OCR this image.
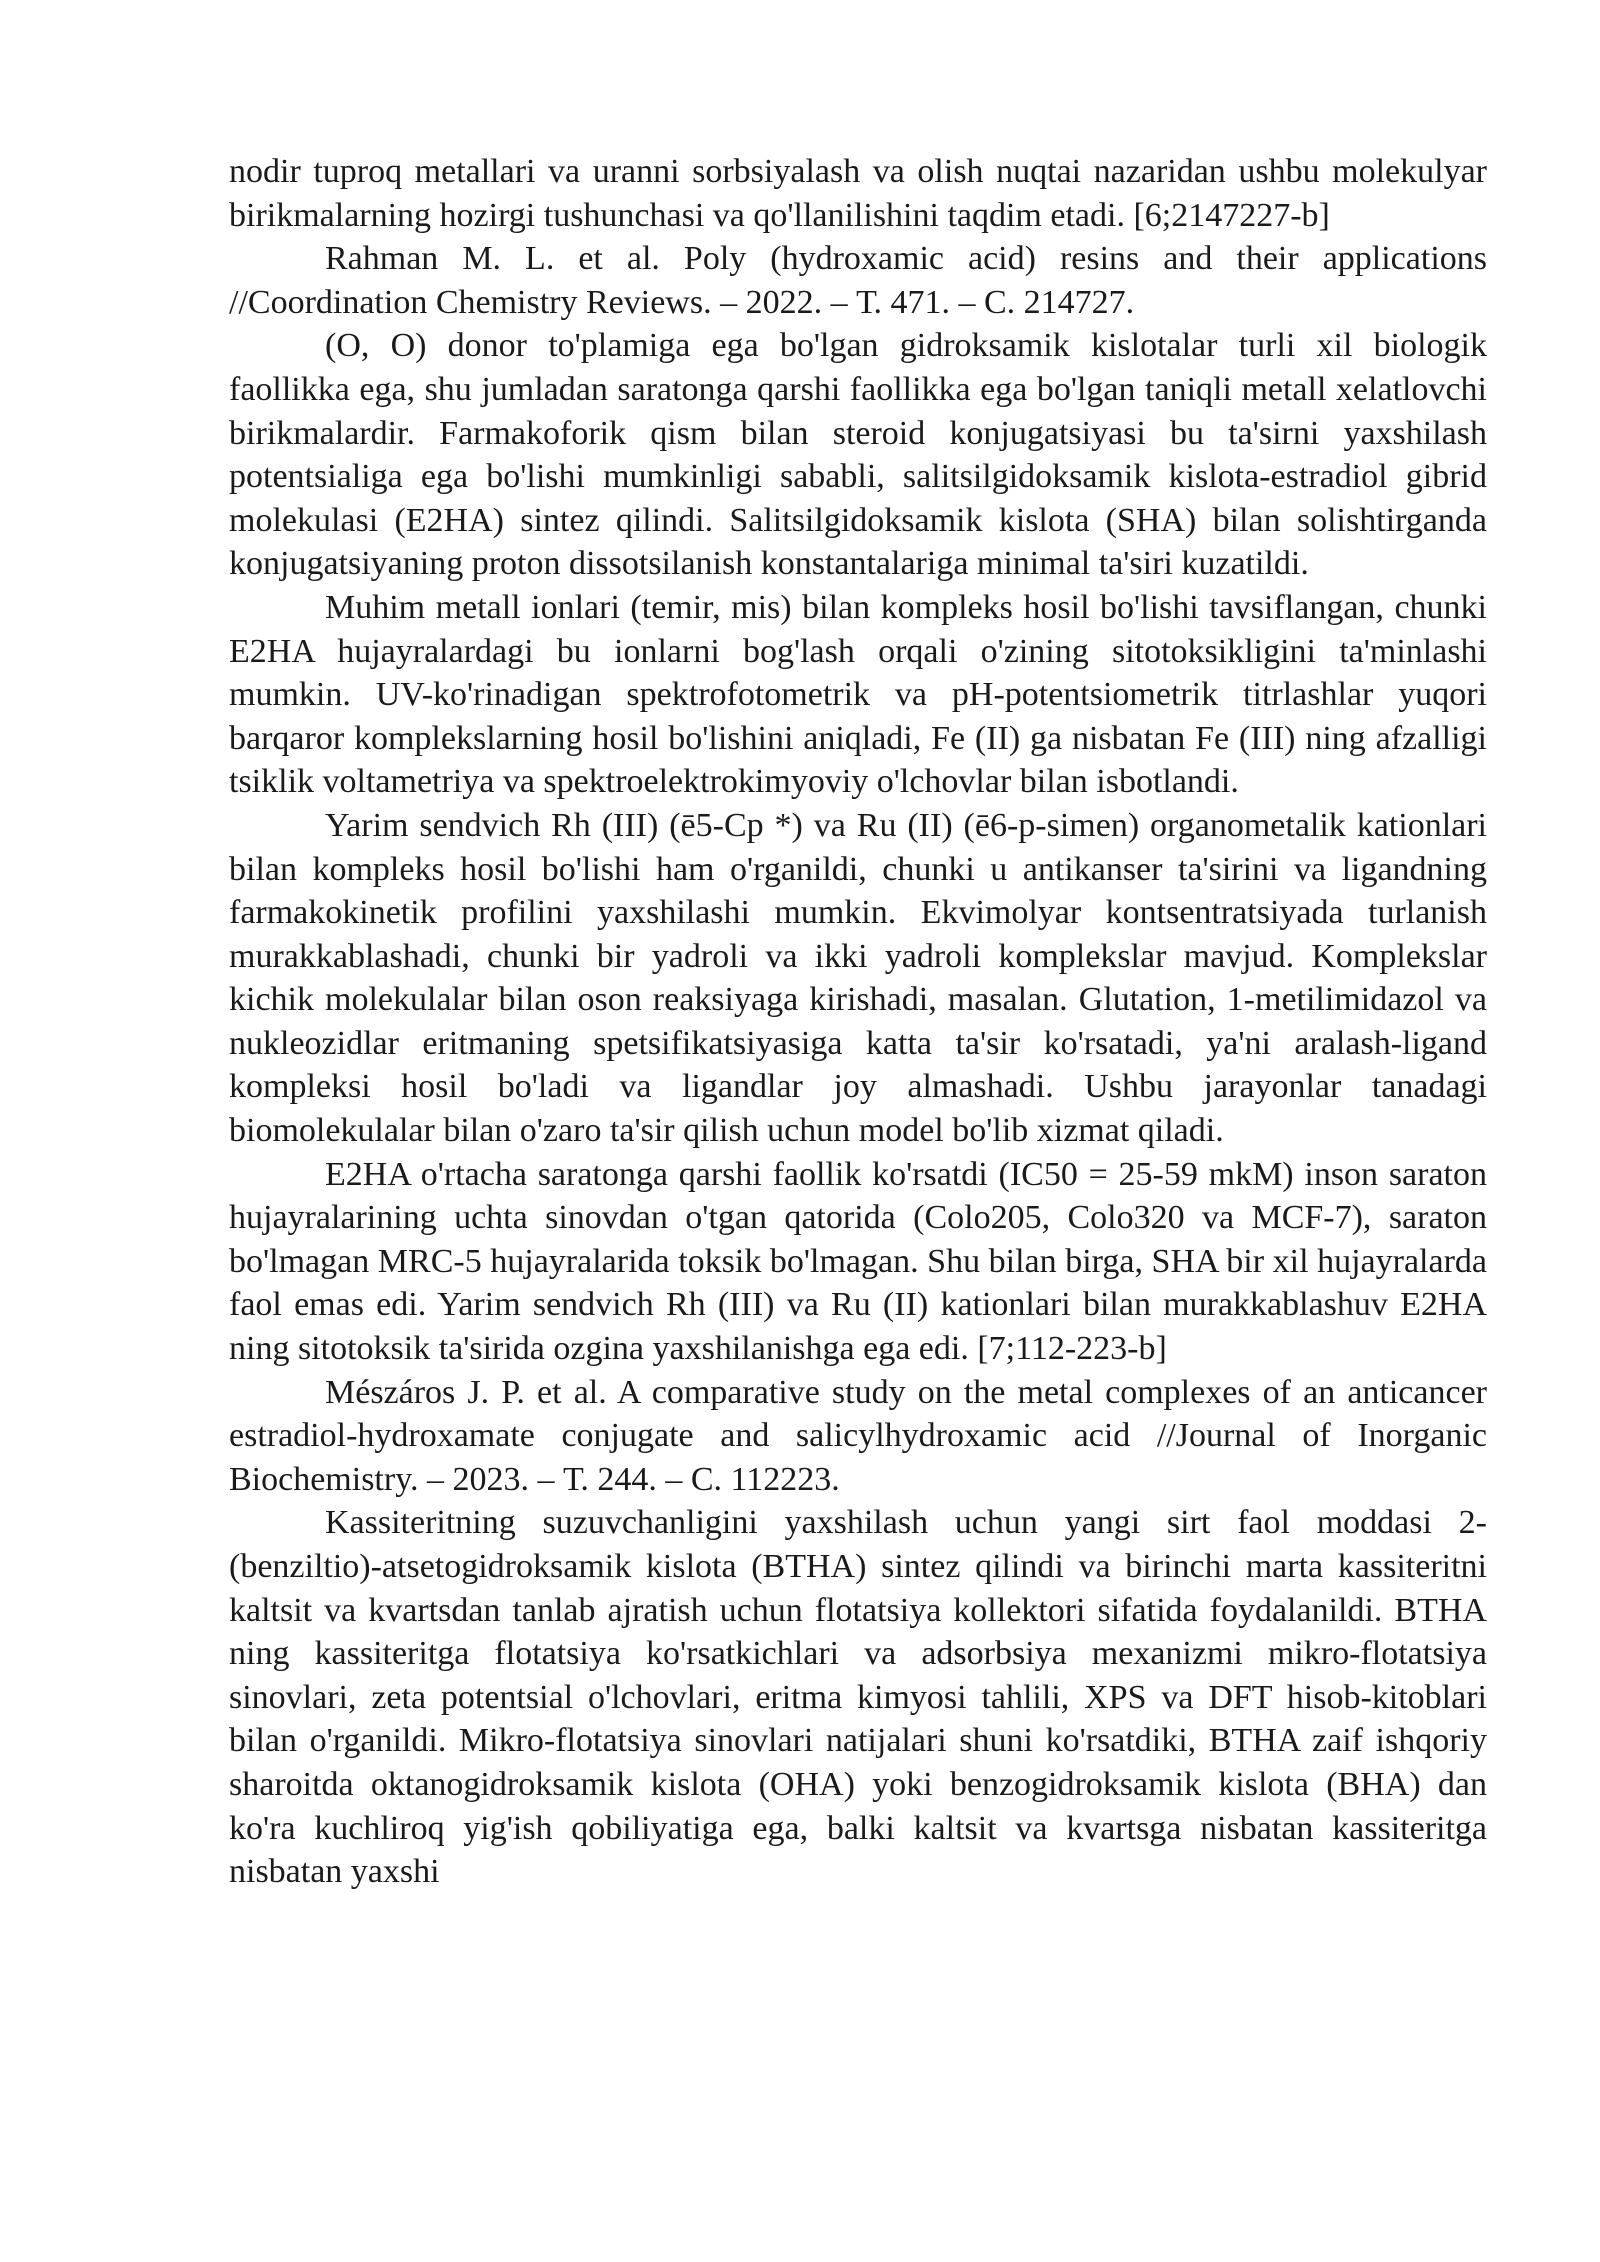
nodir tuproq metallari va uranni sorbsiyalash va olish nuqtai nazaridan ushbu molekulyar birikmalarning hozirgi tushunchasi va qo'llanilishini taqdim etadi. [6;2147227-b]

Rahman M. L. et al. Poly (hydroxamic acid) resins and their applications //Coordination Chemistry Reviews. – 2022. – Т. 471. – С. 214727.

(O, O) donor to'plamiga ega bo'lgan gidroksamik kislotalar turli xil biologik faollikka ega, shu jumladan saratonga qarshi faollikka ega bo'lgan taniqli metall xelatlovchi birikmalardir. Farmakoforik qism bilan steroid konjugatsiyasi bu ta'sirni yaxshilash potentsialiga ega bo'lishi mumkinligi sababli, salitsilgidoksamik kislota-estradiol gibrid molekulasi (E2HA) sintez qilindi. Salitsilgidoksamik kislota (SHA) bilan solishtirganda konjugatsiyaning proton dissotsilanish konstantalariga minimal ta'siri kuzatildi.

Muhim metall ionlari (temir, mis) bilan kompleks hosil bo'lishi tavsiflangan, chunki E2HA hujayralardagi bu ionlarni bog'lash orqali o'zining sitotoksikligini ta'minlashi mumkin. UV-ko'rinadigan spektrofotometrik va pH-potentsiometrik titrlashlar yuqori barqaror komplekslarning hosil bo'lishini aniqladi, Fe (II) ga nisbatan Fe (III) ning afzalligi tsiklik voltametriya va spektroelektrokimyoviy o'lchovlar bilan isbotlandi.

Yarim sendvich Rh (III) (ē5-Cp *) va Ru (II) (ē6-p-simen) organometalik kationlari bilan kompleks hosil bo'lishi ham o'rganildi, chunki u antikanser ta'sirini va ligandning farmakokinetik profilini yaxshilashi mumkin. Ekvimolyar kontsentratsiyada turlanish murakkablashadi, chunki bir yadroli va ikki yadroli komplekslar mavjud. Komplekslar kichik molekulalar bilan oson reaksiyaga kirishadi, masalan. Glutation, 1-metilimidazol va nukleozidlar eritmaning spetsifikatsiyasiga katta ta'sir ko'rsatadi, ya'ni aralash-ligand kompleksi hosil bo'ladi va ligandlar joy almashadi. Ushbu jarayonlar tanadagi biomolekulalar bilan o'zaro ta'sir qilish uchun model bo'lib xizmat qiladi.

E2HA o'rtacha saratonga qarshi faollik ko'rsatdi (IC50 = 25-59 mkM) inson saraton hujayralarining uchta sinovdan o'tgan qatorida (Colo205, Colo320 va MCF-7), saraton bo'lmagan MRC-5 hujayralarida toksik bo'lmagan. Shu bilan birga, SHA bir xil hujayralarda faol emas edi. Yarim sendvich Rh (III) va Ru (II) kationlari bilan murakkablashuv E2HA ning sitotoksik ta'sirida ozgina yaxshilanishga ega edi. [7;112-223-b]

Mészáros J. P. et al. A comparative study on the metal complexes of an anticancer estradiol-hydroxamate conjugate and salicylhydroxamic acid //Journal of Inorganic Biochemistry. – 2023. – Т. 244. – С. 112223.

Kassiteritning suzuvchanligini yaxshilash uchun yangi sirt faol moddasi 2-(benziltio)-atsetogidroksamik kislota (BTHA) sintez qilindi va birinchi marta kassiteritni kaltsit va kvartsdan tanlab ajratish uchun flotatsiya kollektori sifatida foydalanildi. BTHA ning kassiteritga flotatsiya ko'rsatkichlari va adsorbsiya mexanizmi mikro-flotatsiya sinovlari, zeta potentsial o'lchovlari, eritma kimyosi tahlili, XPS va DFT hisob-kitoblari bilan o'rganildi. Mikro-flotatsiya sinovlari natijalari shuni ko'rsatdiki, BTHA zaif ishqoriy sharoitda oktanogidroksamik kislota (OHA) yoki benzogidroksamik kislota (BHA) dan ko'ra kuchliroq yig'ish qobiliyatiga ega, balki kaltsit va kvartsga nisbatan kassiteritga nisbatan yaxshi
